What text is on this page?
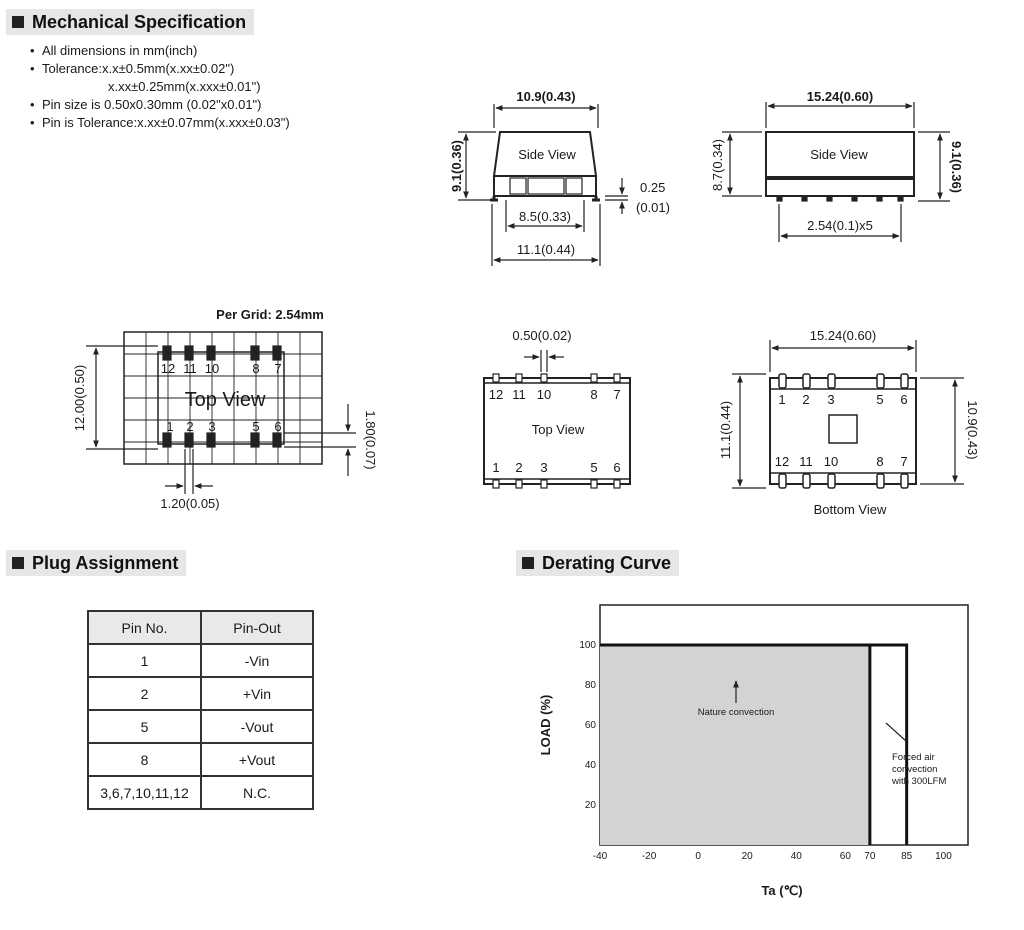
Mechanical Specification
Plug Assignment	Derating Curve
• All dimensions in mm(inch)
• Tolerance:x.x±0.5mm(x.xx±0.02")
x.xx±0.25mm(x.xxx±0.01")
• Pin size is 0.50x0.30mm (0.02"x0.01")
• Pin is Tolerance:x.xx±0.07mm(x.xxx±0.03")
Side View
10.9(0.43)
9.1(0.36)	0.25
(0.01)
8.5(0.33)
11.1(0.44)
Side View
15.24(0.60)
8.7(0.34)	9.1(0.36)
2.54(0.1)x5
Per Grid: 2.54mm
Top View
12.00(0.50)
1.80(0.07)
1.20(0.05)
12 11 10	8 7
1 2 3	5 6	Top View
0.50(0.02)
12 11 10	8 7
1 2 3	5 6
Bottom View
15.24(0.60)
11.1(0.44)	10.9(0.43)
1 2 3	5 6
12 11 10	8 7
Pin No.	Pin-Out
1	-Vin
2	+Vin
5	-Vout
8	+Vout
3,6,7,10,11,12	N.C.
-40	-20	0	20	40	60 70	85 100
20
40
60
80
100
LOAD (%)
Ta (℃)
Nature convection
Forced air
convection
with 300LFM
